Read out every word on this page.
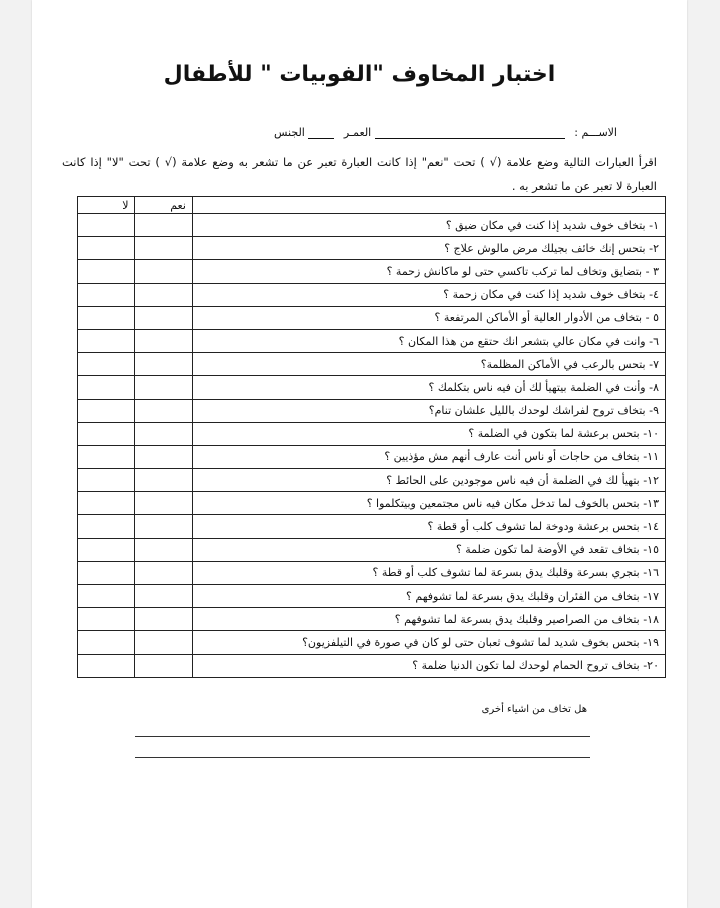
اختبار المخاوف "الفوبيات " للأطفال
الاســـم :  العمـر  الجنس
اقرأ العبارات التالية وضع علامة (√ ) تحت "نعم" إذا كانت العبارة تعبر عن ما تشعر به وضع علامة (√ ) تحت "لا" إذا كانت العبارة لا تعبر عن ما تشعر به .
	نعم	لا
١- بتخاف خوف شديد إذا كنت في مكان ضيق ؟		
٢- بتحس إنك خائف بجيلك مرض مالوش علاج ؟		
٣ - بتضايق وتخاف لما تركب تاكسي حتى لو ماكانش زحمة ؟		
٤- بتخاف خوف شديد إذا كنت في مكان زحمة ؟		
٥ - بتخاف من الأدوار العالية أو الأماكن المرتفعة ؟		
٦- وانت في مكان عالي بتشعر انك حتقع من هذا المكان ؟		
٧- بتحس بالرعب في الأماكن المظلمة؟		
٨- وأنت في الضلمة بيتهيأ لك أن فيه ناس بتكلمك ؟		
٩- بتخاف تروح لفراشك لوحدك بالليل علشان تنام؟		
١٠- بتحس برعشة لما بتكون في الضلمة ؟		
١١- بتخاف من حاجات أو ناس أنت عارف أنهم مش مؤذيين ؟		
١٢- بتهيأ لك في الضلمة أن فيه ناس موجودين على الحائط ؟		
١٣- بتحس بالخوف لما تدخل مكان فيه ناس مجتمعين وبيتكلموا ؟		
١٤- بتحس برعشة ودوخة لما تشوف كلب أو قطة ؟		
١٥- بتخاف تقعد في الأوضة لما تكون ضلمة ؟		
١٦- بتجري بسرعة وقلبك يدق بسرعة لما تشوف كلب أو قطة ؟		
١٧- بتخاف من الفئران وقلبك يدق بسرعة لما تشوفهم ؟		
١٨- بتخاف من الصراصير وقلبك يدق بسرعة لما تشوفهم ؟		
١٩- بتحس بخوف شديد لما تشوف ثعبان حتى لو كان في صورة في التيلفزيون؟		
٢٠- بتخاف تروح الحمام لوحدك لما تكون الدنيا ضلمة ؟		
هل تخاف من اشياء أخرى
